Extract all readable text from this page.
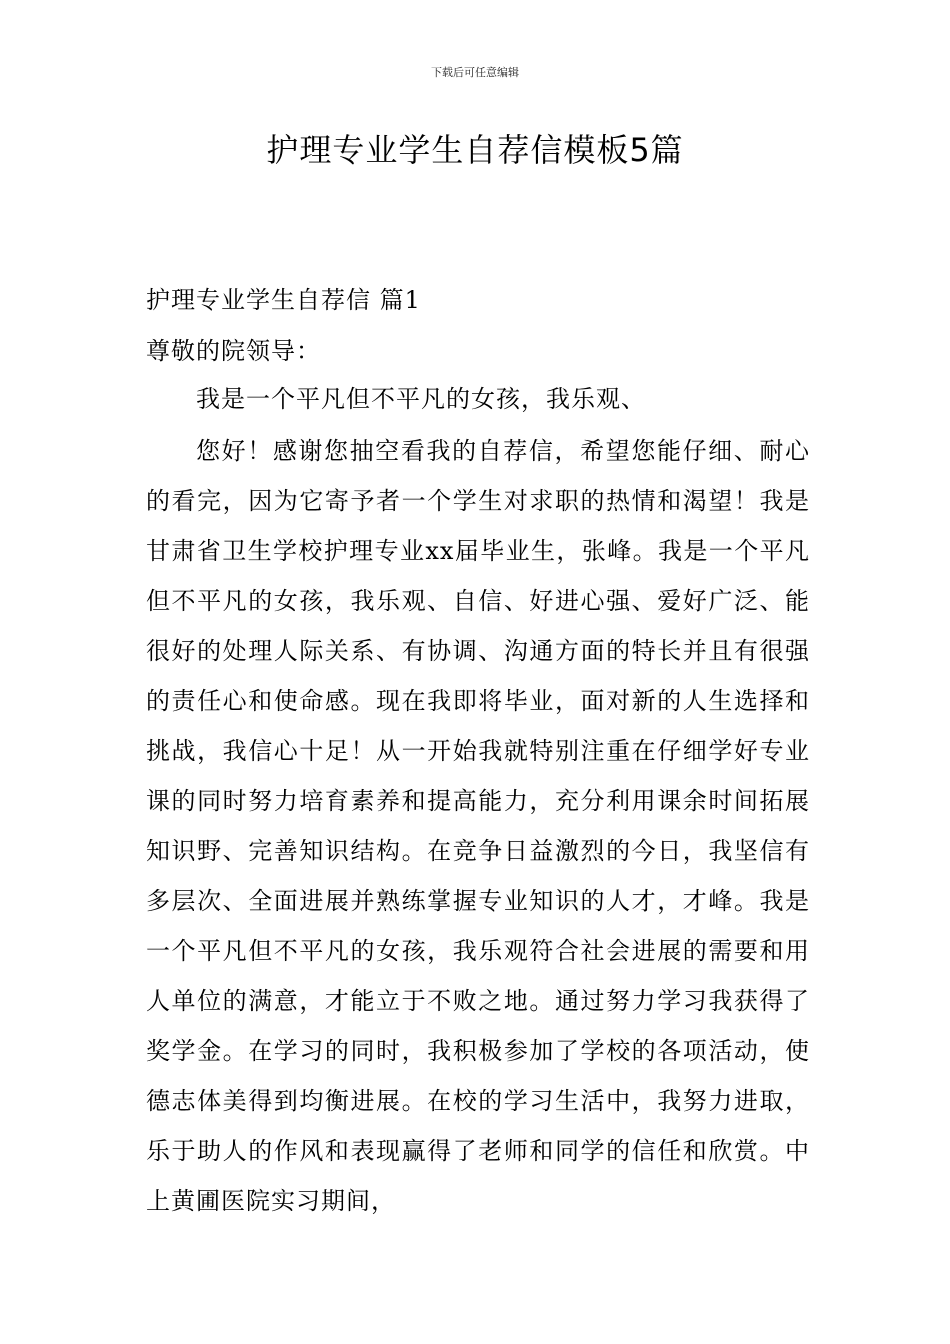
下载后可任意编辑
护理专业学生自荐信模板5篇
护理专业学生自荐信 篇1
尊敬的院领导：
我是一个平凡但不平凡的女孩，我乐观、
您好！感谢您抽空看我的自荐信，希望您能仔细、耐心的看完，因为它寄予者一个学生对求职的热情和渴望！我是甘肃省卫生学校护理专业xx届毕业生，张峰。我是一个平凡但不平凡的女孩，我乐观、自信、好进心强、爱好广泛、能很好的处理人际关系、有协调、沟通方面的特长并且有很强的责任心和使命感。现在我即将毕业，面对新的人生选择和挑战，我信心十足！从一开始我就特别注重在仔细学好专业课的同时努力培育素养和提高能力，充分利用课余时间拓展知识野、完善知识结构。在竞争日益激烈的今日，我坚信有多层次、全面进展并熟练掌握专业知识的人才，才峰。我是一个平凡但不平凡的女孩，我乐观符合社会进展的需要和用人单位的满意，才能立于不败之地。通过努力学习我获得了奖学金。在学习的同时，我积极参加了学校的各项活动，使德志体美得到均衡进展。在校的学习生活中，我努力进取，乐于助人的作风和表现赢得了老师和同学的信任和欣赏。中上黄圃医院实习期间，
